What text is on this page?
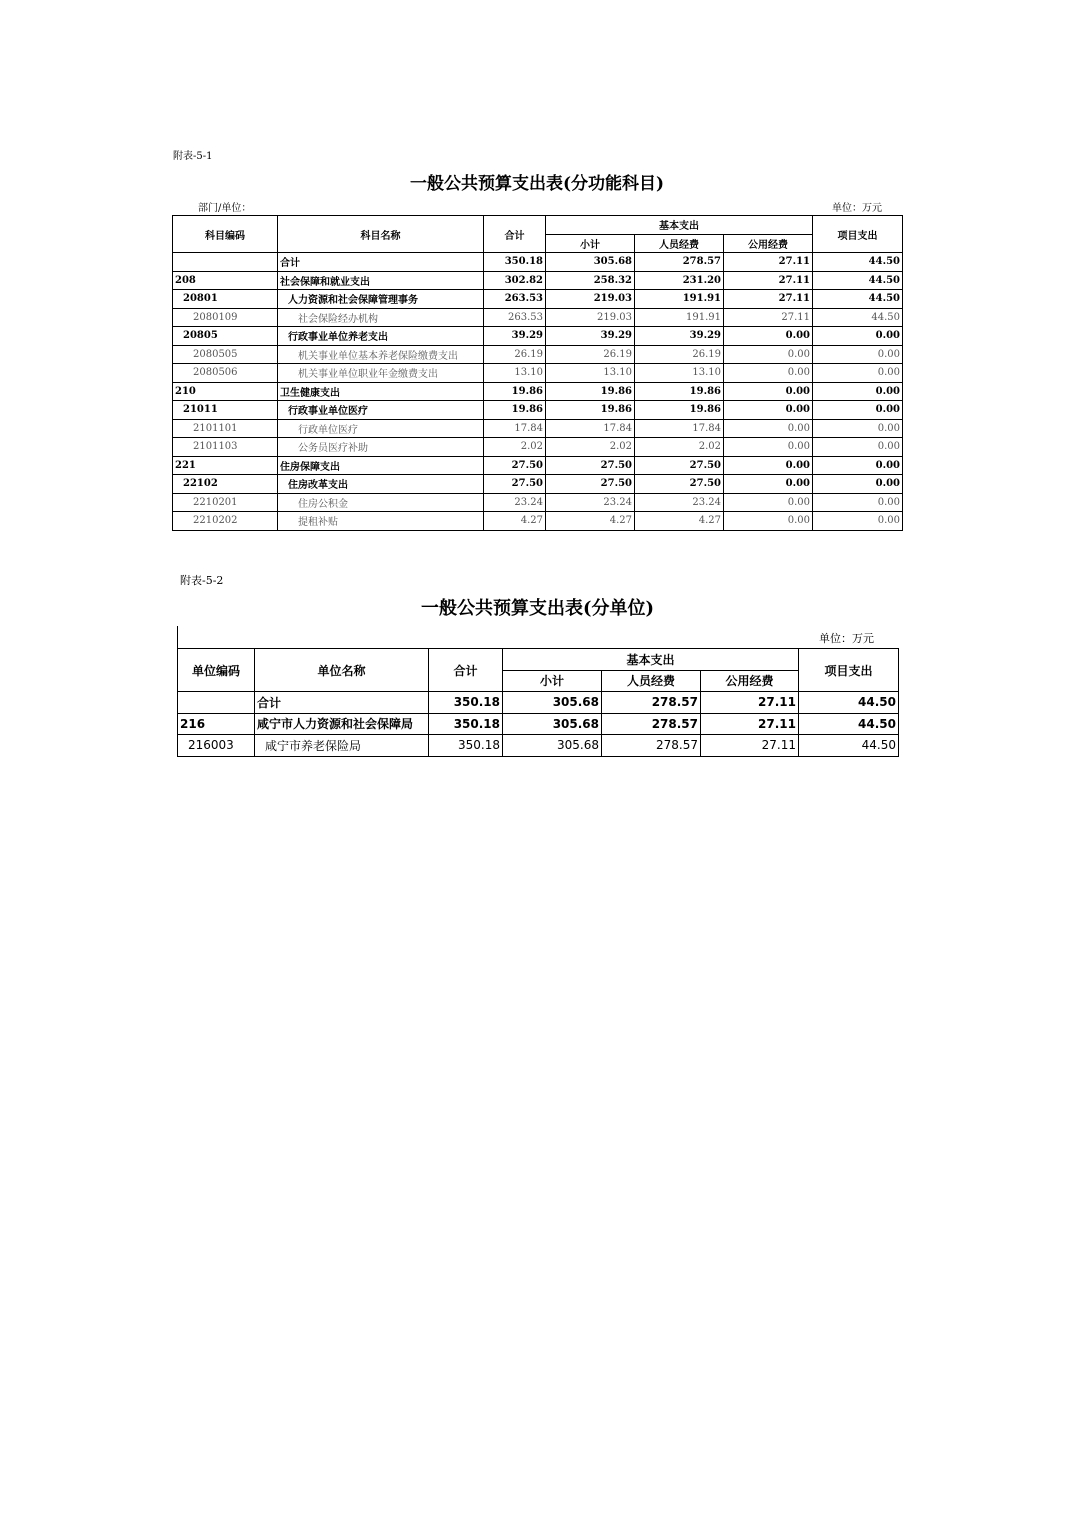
附表-5-1
一般公共预算支出表(分功能科目)
部门/单位：	单位：万元
科目编码	科目名称	合计	基本支出			项目支出
			小计	人员经费	公用经费	
	合计	350.18	305.68	278.57	27.11	44.50
208	社会保障和就业支出	302.82	258.32	231.20	27.11	44.50
20801	人力资源和社会保障管理事务	263.53	219.03	191.91	27.11	44.50
2080109	社会保险经办机构	263.53	219.03	191.91	27.11	44.50
20805	行政事业单位养老支出	39.29	39.29	39.29	0.00	0.00
2080505	机关事业单位基本养老保险缴费支出	26.19	26.19	26.19	0.00	0.00
2080506	机关事业单位职业年金缴费支出	13.10	13.10	13.10	0.00	0.00
210	卫生健康支出	19.86	19.86	19.86	0.00	0.00
21011	行政事业单位医疗	19.86	19.86	19.86	0.00	0.00
2101101	行政单位医疗	17.84	17.84	17.84	0.00	0.00
2101103	公务员医疗补助	2.02	2.02	2.02	0.00	0.00
221	住房保障支出	27.50	27.50	27.50	0.00	0.00
22102	住房改革支出	27.50	27.50	27.50	0.00	0.00
2210201	住房公积金	23.24	23.24	23.24	0.00	0.00
2210202	提租补贴	4.27	4.27	4.27	0.00	0.00
附表-5-2
一般公共预算支出表(分单位)
单位：万元
单位编码	单位名称	合计	基本支出			项目支出
			小计	人员经费	公用经费	
	合计	350.18	305.68	278.57	27.11	44.50
216	咸宁市人力资源和社会保障局	350.18	305.68	278.57	27.11	44.50
216003	咸宁市养老保险局	350.18	305.68	278.57	27.11	44.50
